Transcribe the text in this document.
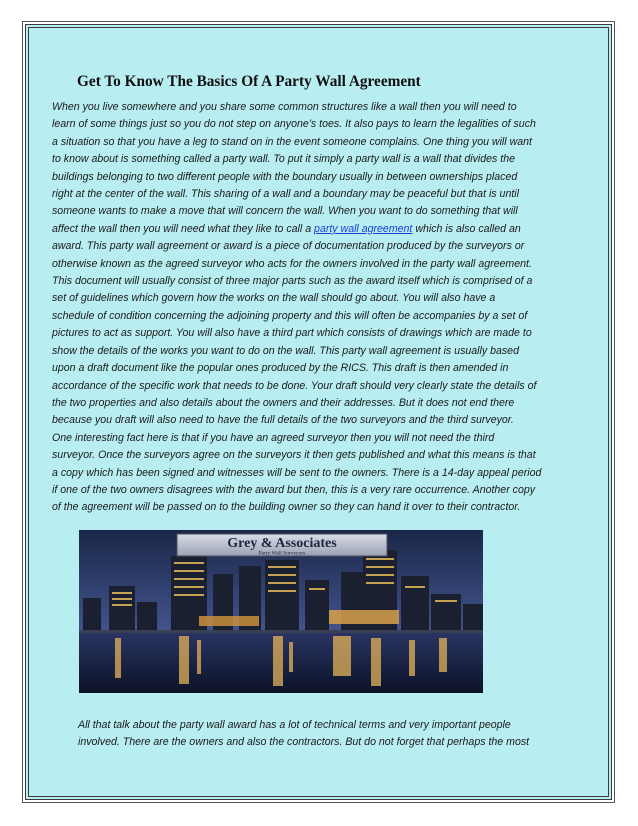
Get To Know The Basics Of A Party Wall Agreement
When you live somewhere and you share some common structures like a wall then you will need to
learn of some things just so you do not step on anyone’s toes. It also pays to learn the legalities of such
a situation so that you have a leg to stand on in the event someone complains. One thing you will want
to know about is something called a party wall. To put it simply a party wall is a wall that divides the
buildings belonging to two different people with the boundary usually in between ownerships placed
right at the center of the wall. This sharing of a wall and a boundary may be peaceful but that is until
someone wants to make a move that will concern the wall. When you want to do something that will
affect the wall then you will need what they like to call a party wall agreement which is also called an
award. This party wall agreement or award is a piece of documentation produced by the surveyors or
otherwise known as the agreed surveyor who acts for the owners involved in the party wall agreement.
This document will usually consist of three major parts such as the award itself which is comprised of a
set of guidelines which govern how the works on the wall should go about. You will also have a
schedule of condition concerning the adjoining property and this will often be accompanies by a set of
pictures to act as support. You will also have a third part which consists of drawings which are made to
show the details of the works you want to do on the wall. This party wall agreement is usually based
upon a draft document like the popular ones produced by the RICS. This draft is then amended in
accordance of the specific work that needs to be done. Your draft should very clearly state the details of
the two properties and also details about the owners and their addresses. But it does not end there
because you draft will also need to have the full details of the two surveyors and the third surveyor.
One interesting fact here is that if you have an agreed surveyor then you will not need the third
surveyor. Once the surveyors agree on the surveyors it then gets published and what this means is that
a copy which has been signed and witnesses will be sent to the owners. There is a 14-day appeal period
if one of the two owners disagrees with the award but then, this is a very rare occurrence. Another copy
of the agreement will be passed on to the building owner so they can hand it over to their contractor.
Grey & Associates
Party Wall Surveyors
All that talk about the party wall award has a lot of technical terms and very important people
involved. There are the owners and also the contractors. But do not forget that perhaps the most
